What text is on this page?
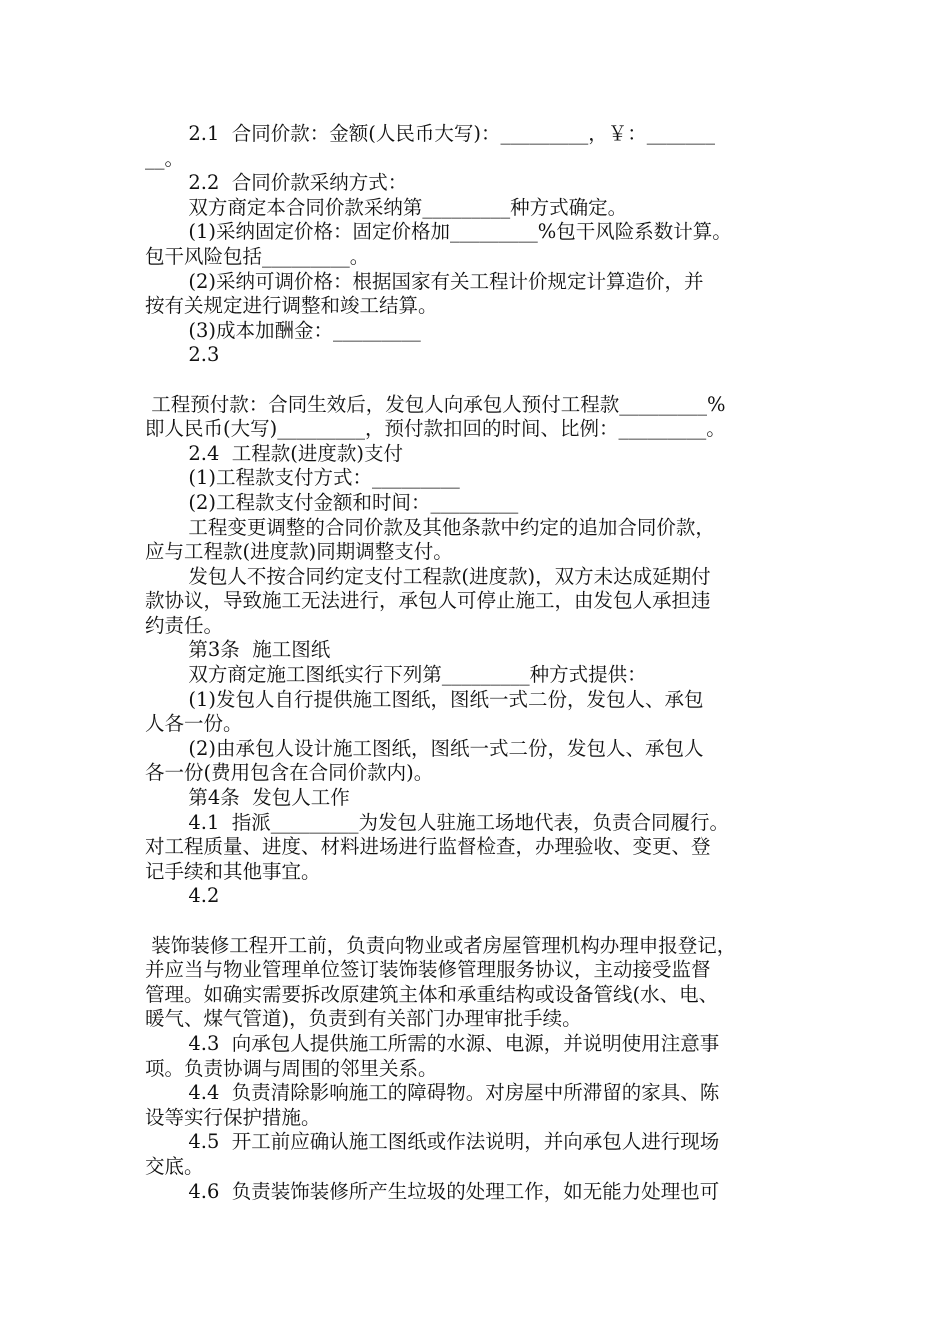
2.1  合同价款：金额(人民币大写)：_________，￥：_______
__。
2.2  合同价款采纳方式：
双方商定本合同价款采纳第_________种方式确定。
(1)采纳固定价格：固定价格加_________%包干风险系数计算。
包干风险包括_________。
(2)采纳可调价格：根据国家有关工程计价规定计算造价，并
按有关规定进行调整和竣工结算。
(3)成本加酬金：_________
2.3
工程预付款：合同生效后，发包人向承包人预付工程款_________%
即人民币(大写)_________，预付款扣回的时间、比例：_________。
2.4  工程款(进度款)支付
(1)工程款支付方式：_________
(2)工程款支付金额和时间：_________
工程变更调整的合同价款及其他条款中约定的追加合同价款，
应与工程款(进度款)同期调整支付。
发包人不按合同约定支付工程款(进度款)，双方未达成延期付
款协议，导致施工无法进行，承包人可停止施工，由发包人承担违
约责任。
第3条  施工图纸
双方商定施工图纸实行下列第_________种方式提供：
(1)发包人自行提供施工图纸，图纸一式二份，发包人、承包
人各一份。
(2)由承包人设计施工图纸，图纸一式二份，发包人、承包人
各一份(费用包含在合同价款内)。
第4条  发包人工作
4.1  指派_________为发包人驻施工场地代表，负责合同履行。
对工程质量、进度、材料进场进行监督检查，办理验收、变更、登
记手续和其他事宜。
4.2
装饰装修工程开工前，负责向物业或者房屋管理机构办理申报登记，
并应当与物业管理单位签订装饰装修管理服务协议，主动接受监督
管理。如确实需要拆改原建筑主体和承重结构或设备管线(水、电、
暖气、煤气管道)，负责到有关部门办理审批手续。
4.3  向承包人提供施工所需的水源、电源，并说明使用注意事
项。负责协调与周围的邻里关系。
4.4  负责清除影响施工的障碍物。对房屋中所滞留的家具、陈
设等实行保护措施。
4.5  开工前应确认施工图纸或作法说明，并向承包人进行现场
交底。
4.6  负责装饰装修所产生垃圾的处理工作，如无能力处理也可
